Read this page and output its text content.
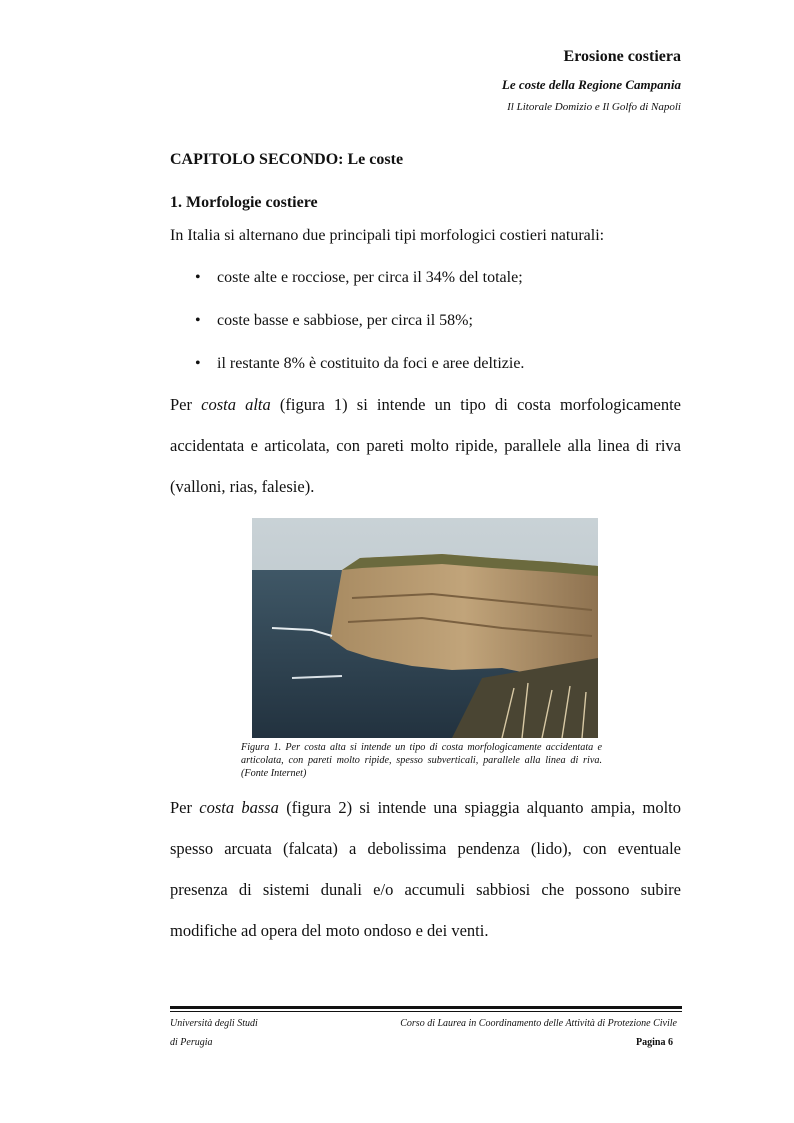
Erosione costiera
Le coste della Regione Campania
Il Litorale Domizio e Il Golfo di Napoli
CAPITOLO SECONDO: Le coste
1. Morfologie costiere
In Italia si alternano due principali tipi morfologici costieri naturali:
• coste alte e rocciose, per circa il 34% del totale;
• coste basse e sabbiose, per circa il 58%;
• il restante 8% è costituito da foci e aree deltizie.

Per costa alta (figura 1) si intende un tipo di costa morfologicamente accidentata e articolata, con pareti molto ripide, parallele alla linea di riva (valloni, rias, falesie).

Figura 1. Per costa alta si intende un tipo di costa morfologicamente accidentata e articolata, con pareti molto ripide, spesso subverticali, parallele alla linea di riva. (Fonte Internet)

Per costa bassa (figura 2) si intende una spiaggia alquanto ampia, molto spesso arcuata (falcata) a debolissima pendenza (lido), con eventuale presenza di sistemi dunali e/o accumuli sabbiosi che possono subire modifiche ad opera del moto ondoso e dei venti.

Università degli Studi
di Perugia
Corso di Laurea in Coordinamento delle Attività di Protezione Civile
Pagina 6
